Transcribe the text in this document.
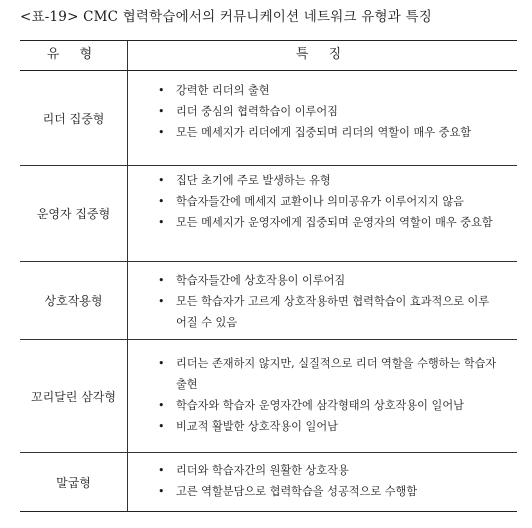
<표-19> CMC 협력학습에서의 커뮤니케이션 네트워크 유형과 특징
유 형	특 징
리더 집중형
• 강력한 리더의 출현
• 리더 중심의 협력학습이 이루어짐
• 모든 메세지가 리더에게 집중되며 리더의 역할이 매우 중요함
운영자 집중형
• 집단 초기에 주로 발생하는 유형
• 학습자들간에 메세지 교환이나 의미공유가 이루어지지 않음
• 모든 메세지가 운영자에게 집중되며 운영자의 역할이 매우 중요함
상호작용형
• 학습자들간에 상호작용이 이루어짐
• 모든 학습자가 고르게 상호작용하면 협력학습이 효과적으로 이루어질 수 있음
꼬리달린 삼각형
• 리더는 존재하지 않지만, 실질적으로 리더 역할을 수행하는 학습자 출현
• 학습자와 학습자 운영자간에 삼각형태의 상호작용이 일어남
• 비교적 활발한 상호작용이 일어남
말굽형
• 리더와 학습자간의 원활한 상호작용
• 고른 역할분담으로 협력학습을 성공적으로 수행함
